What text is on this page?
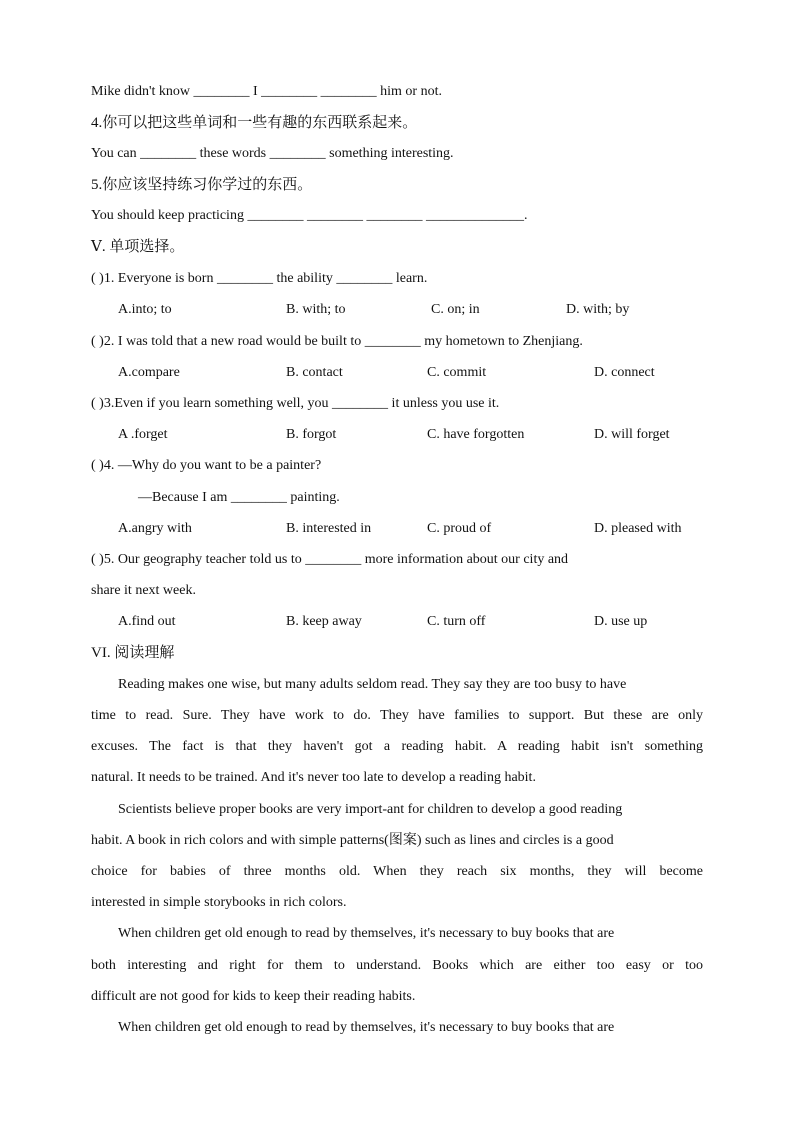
Mike didn't know ________ I ________ ________ him or not.
4.你可以把这些单词和一些有趣的东西联系起来。
You can ________ these words ________ something interesting.
5.你应该坚持练习你学过的东西。
You should keep practicing ________ ________ ________ ______________.
Ⅴ. 单项选择。
( )1. Everyone is born ________ the ability ________ learn.
A.into; to	B. with; to	C. on; in	D. with; by
( )2. I was told that a new road would be built to ________ my hometown to Zhenjiang.
A.compare	B. contact	C. commit	D. connect
( )3.Even if you learn something well, you ________ it unless you use it.
A .forget	B. forgot	C. have forgotten	D. will forget
( )4. —Why do you want to be a painter?
—Because I am ________ painting.
A.angry with	B. interested in	C. proud of	D. pleased with
( )5. Our geography teacher told us to ________ more information about our city and
share it next week.
A.find out	B. keep away	C. turn off	D. use up
VI. 阅读理解
Reading makes one wise, but many adults seldom read. They say they are too busy to have
time to read. Sure. They have work to do. They have families to support. But these are only
excuses. The fact is that they haven't got a reading habit. A reading habit isn't something
natural. It needs to be trained. And it's never too late to develop a reading habit.
Scientists believe proper books are very import-ant for children to develop a good reading
habit. A book in rich colors and with simple patterns(图案) such as lines and circles is a good
choice for babies of three months old. When they reach six months, they will become
interested in simple storybooks in rich colors.
When children get old enough to read by themselves, it's necessary to buy books that are
both interesting and right for them to understand. Books which are either too easy or too
difficult are not good for kids to keep their reading habits.
When children get old enough to read by themselves, it's necessary to buy books that are
